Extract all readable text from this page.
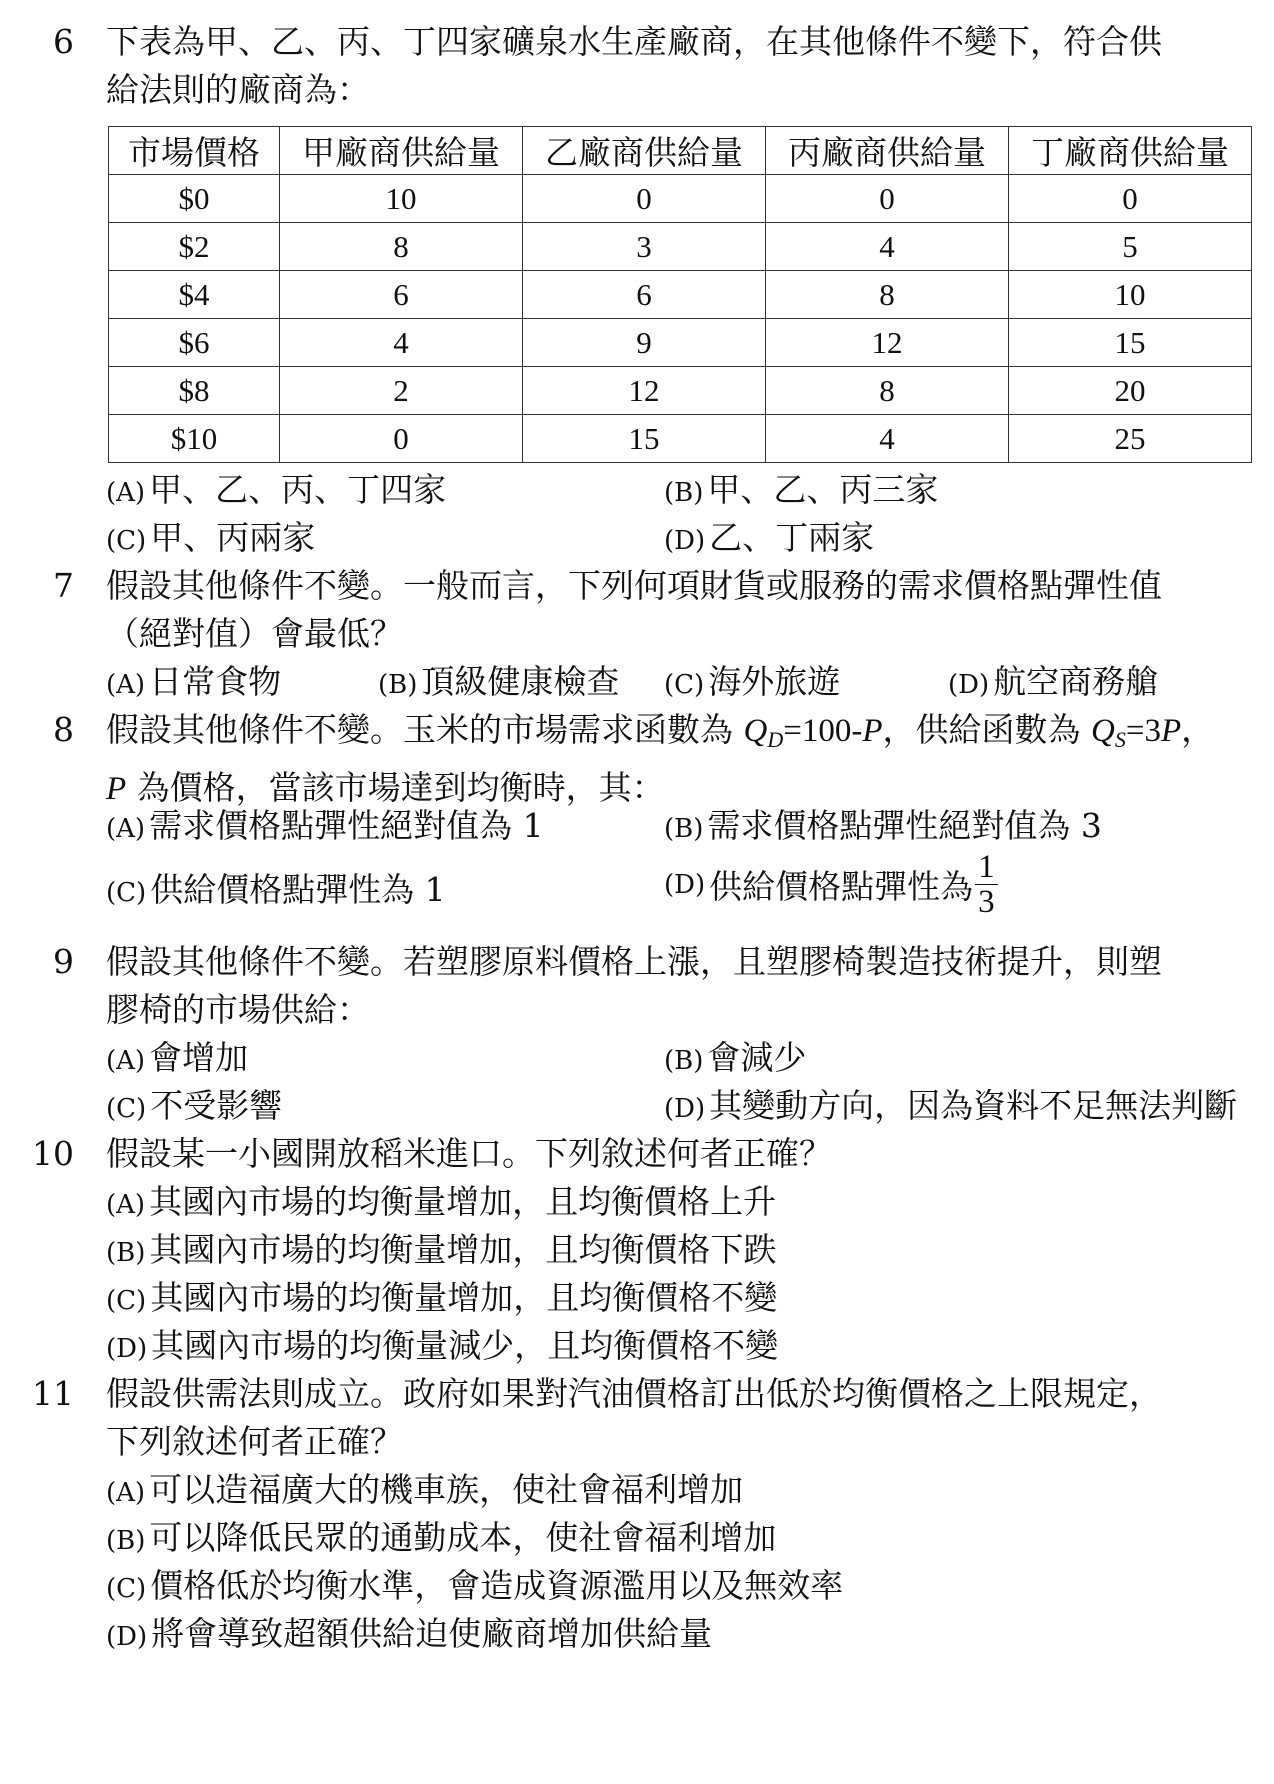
6 下表為甲、乙、丙、丁四家礦泉水生產廠商，在其他條件不變下，符合供
給法則的廠商為：
市場價格	甲廠商供給量	乙廠商供給量	丙廠商供給量	丁廠商供給量
$0	10	0	0	0
$2	8	3	4	5
$4	6	6	8	10
$6	4	9	12	15
$8	2	12	8	20
$10	0	15	4	25
(A) 甲、乙、丙、丁四家	(B) 甲、乙、丙三家
(C) 甲、丙兩家	(D) 乙、丁兩家
7 假設其他條件不變。一般而言，下列何項財貨或服務的需求價格點彈性值
（絕對值）會最低？
(A) 日常食物	(B) 頂級健康檢查 (C) 海外旅遊	(D) 航空商務艙
8 假設其他條件不變。玉米的市場需求函數為 $Q_D=100-P$，供給函數為 $Q_S=3P$，
P 為價格，當該市場達到均衡時，其：
(A) 需求價格點彈性絕對值為 1	(B) 需求價格點彈性絕對值為 3
(C) 供給價格點彈性為 1	(D) 供給價格點彈性為 $\frac{1}{3}$
9 假設其他條件不變。若塑膠原料價格上漲，且塑膠椅製造技術提升，則塑
膠椅的市場供給：
(A) 會增加	(B) 會減少
(C) 不受影響	(D) 其變動方向，因為資料不足無法判斷
10 假設某一小國開放稻米進口。下列敘述何者正確？
(A) 其國內市場的均衡量增加，且均衡價格上升
(B) 其國內市場的均衡量增加，且均衡價格下跌
(C) 其國內市場的均衡量增加，且均衡價格不變
(D) 其國內市場的均衡量減少，且均衡價格不變
11 假設供需法則成立。政府如果對汽油價格訂出低於均衡價格之上限規定，
下列敘述何者正確？
(A) 可以造福廣大的機車族，使社會福利增加
(B) 可以降低民眾的通勤成本，使社會福利增加
(C) 價格低於均衡水準，會造成資源濫用以及無效率
(D) 將會導致超額供給迫使廠商增加供給量
